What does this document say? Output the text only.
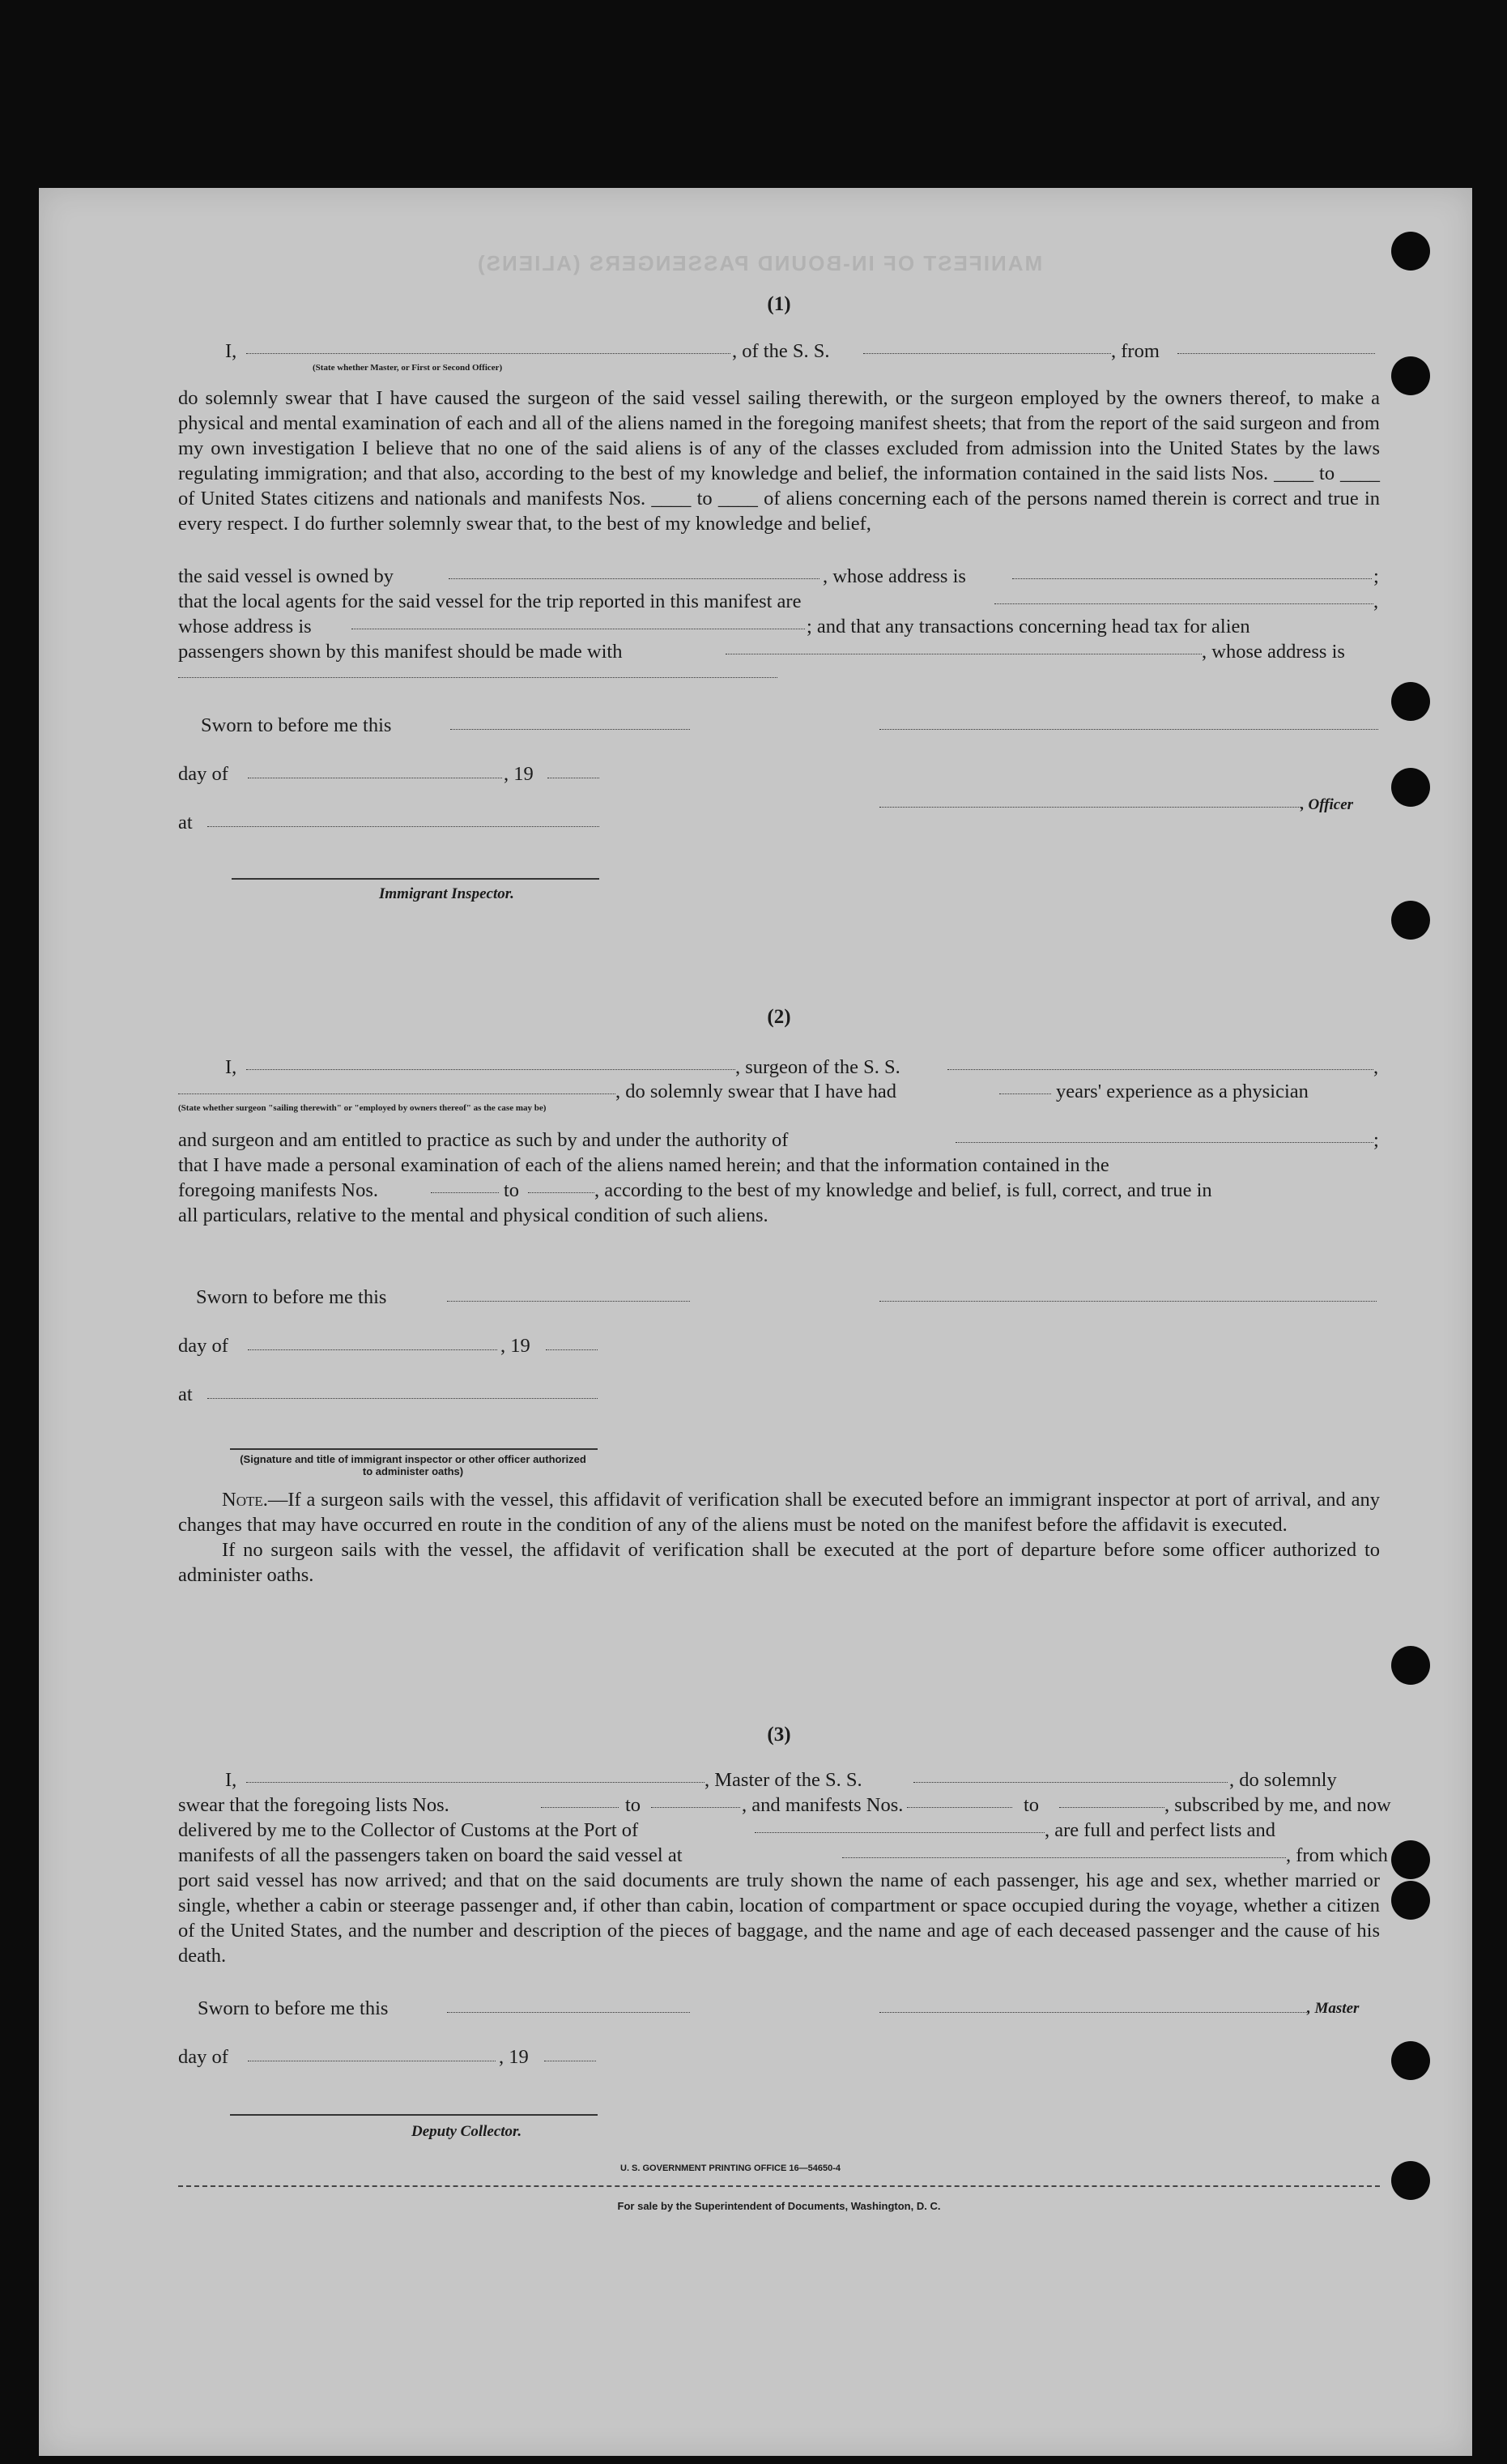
MANIFEST OF IN-BOUND PASSENGERS (ALIENS)
(1)
I,	, of the S. S.	, from
(State whether Master, or First or Second Officer)

do solemnly swear that I have caused the surgeon of the said vessel sailing therewith, or the surgeon employed by the owners thereof, to make a physical and mental examination of each and all of the aliens named in the foregoing manifest sheets; that from the report of the said surgeon and from my own investigation I believe that no one of the said aliens is of any of the classes excluded from admission into the United States by the laws regulating immigration; and that also, according to the best of my knowledge and belief, the information contained in the said lists Nos. ____ to ____ of United States citizens and nationals and manifests Nos. ____ to ____ of aliens concerning each of the persons named therein is correct and true in every respect. I do further solemnly swear that, to the best of my knowledge and belief,

the said vessel is owned by	, whose address is	;
that the local agents for the said vessel for the trip reported in this manifest are	,
whose address is	; and that any transactions concerning head tax for alien
passengers shown by this manifest should be made with	, whose address is
Sworn to before me this
day of	, 19
, Officer
at
Immigrant Inspector.
(2)
I,	, surgeon of the S. S.	,
, do solemnly swear that I have had	years' experience as a physician
(State whether surgeon "sailing therewith" or "employed by owners thereof" as the case may be)
and surgeon and am entitled to practice as such by and under the authority of	;

that I have made a personal examination of each of the aliens named herein; and that the information contained in the

foregoing manifests Nos.	to	, according to the best of my knowledge and belief, is full, correct, and true in
all particulars, relative to the mental and physical condition of such aliens.
Sworn to before me this
day of	, 19
at
(Signature and title of immigrant inspector or other officer authorized to administer oaths)

Note.—If a surgeon sails with the vessel, this affidavit of verification shall be executed before an immigrant inspector at port of arrival, and any changes that may have occurred en route in the condition of any of the aliens must be noted on the manifest before the affidavit is executed.

If no surgeon sails with the vessel, the affidavit of verification shall be executed at the port of departure before some officer authorized to administer oaths.

(3)
I,	, Master of the S. S.	, do solemnly
swear that the foregoing lists Nos.	to	, and manifests Nos.	to	, subscribed by me, and now
delivered by me to the Collector of Customs at the Port of	, are full and perfect lists and
manifests of all the passengers taken on board the said vessel at	, from which

port said vessel has now arrived; and that on the said documents are truly shown the name of each passenger, his age and sex, whether married or single, whether a cabin or steerage passenger and, if other than cabin, location of compartment or space occupied during the voyage, whether a citizen of the United States, and the number and description of the pieces of baggage, and the name and age of each deceased passenger and the cause of his death.

Sworn to before me this	, Master
day of	, 19
Deputy Collector.
U. S. GOVERNMENT PRINTING OFFICE 16—54650-4
For sale by the Superintendent of Documents, Washington, D. C.
